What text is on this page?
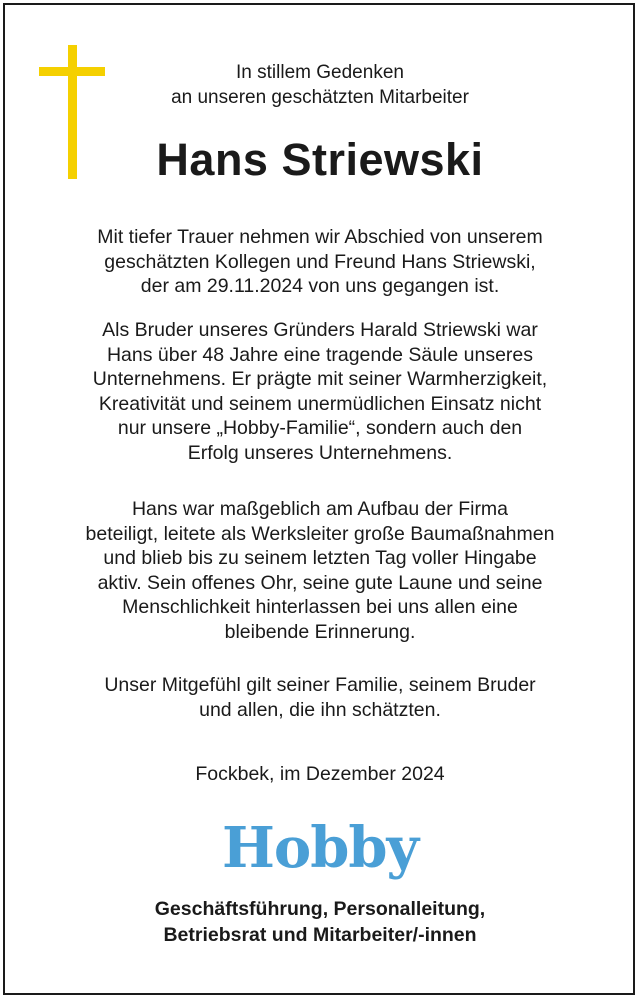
In stillem Gedenken
an unseren geschätzten Mitarbeiter
Hans Striewski
Mit tiefer Trauer nehmen wir Abschied von unserem
geschätzten Kollegen und Freund Hans Striewski,
der am 29.11.2024 von uns gegangen ist.
Als Bruder unseres Gründers Harald Striewski war
Hans über 48 Jahre eine tragende Säule unseres
Unternehmens. Er prägte mit seiner Warmherzigkeit,
Kreativität und seinem unermüdlichen Einsatz nicht
nur unsere „Hobby-Familie“, sondern auch den
Erfolg unseres Unternehmens.
Hans war maßgeblich am Aufbau der Firma
beteiligt, leitete als Werksleiter große Baumaßnahmen
und blieb bis zu seinem letzten Tag voller Hingabe
aktiv. Sein offenes Ohr, seine gute Laune und seine
Menschlichkeit hinterlassen bei uns allen eine
bleibende Erinnerung.
Unser Mitgefühl gilt seiner Familie, seinem Bruder
und allen, die ihn schätzten.
Fockbek, im Dezember 2024
Hobby
Geschäftsführung, Personalleitung,
Betriebsrat und Mitarbeiter/-innen
